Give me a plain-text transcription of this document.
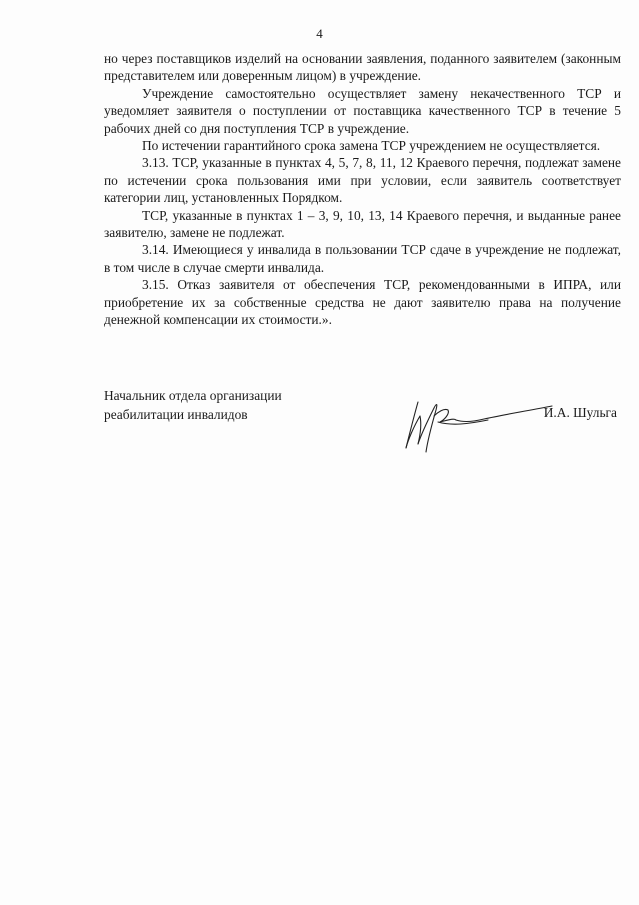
4

но через поставщиков изделий на основании заявления, поданного заявителем (законным представителем или доверенным лицом) в учреждение.

Учреждение самостоятельно осуществляет замену некачественного ТСР и уведомляет заявителя о поступлении от поставщика качественного ТСР в течение 5 рабочих дней со дня поступления ТСР в учреждение.

По истечении гарантийного срока замена ТСР учреждением не осуществляется.

3.13. ТСР, указанные в пунктах 4, 5, 7, 8, 11, 12 Краевого перечня, подлежат замене по истечении срока пользования ими при условии, если заявитель соответствует категории лиц, установленных Порядком.

ТСР, указанные в пунктах 1 – 3, 9, 10, 13, 14 Краевого перечня, и выданные ранее заявителю, замене не подлежат.

3.14. Имеющиеся у инвалида в пользовании ТСР сдаче в учреждение не подлежат, в том числе в случае смерти инвалида.

3.15. Отказ заявителя от обеспечения ТСР, рекомендованными в ИПРА, или приобретение их за собственные средства не дают заявителю права на получение денежной компенсации их стоимости.».

Начальник отдела организации
реабилитации инвалидов	И.А. Шульга
